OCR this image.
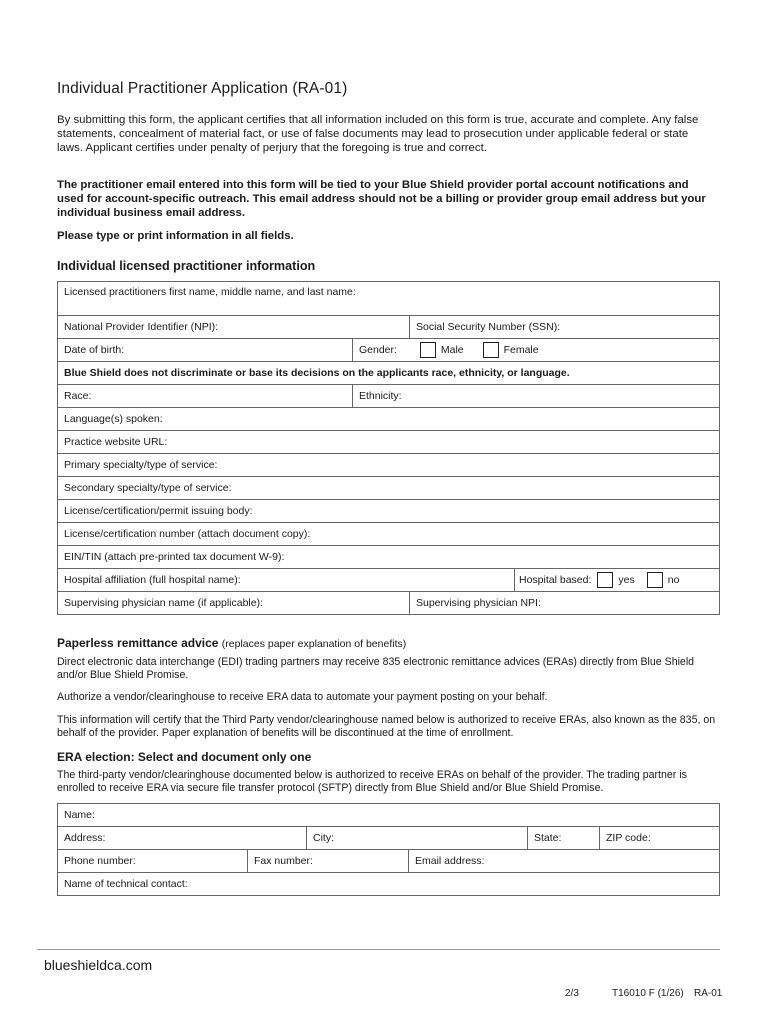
Individual Practitioner Application (RA-01)

By submitting this form, the applicant certifies that all information included on this form is true, accurate and complete. Any false statements, concealment of material fact, or use of false documents may lead to prosecution under applicable federal or state laws. Applicant certifies under penalty of perjury that the foregoing is true and correct.

The practitioner email entered into this form will be tied to your Blue Shield provider portal account notifications and used for account-specific outreach. This email address should not be a billing or provider group email address but your individual business email address.

Please type or print information in all fields.

Individual licensed practitioner information
Licensed practitioners first name, middle name, and last name:			
National Provider Identifier (NPI):		Social Security Number (SSN):	
Date of birth:	Gender: Male Female		
Blue Shield does not discriminate or base its decisions on the applicants race, ethnicity, or language.			
Race:	Ethnicity:		
Language(s) spoken:			
Practice website URL:			
Primary specialty/type of service:			
Secondary specialty/type of service:			
License/certification/permit issuing body:			
License/certification number (attach document copy):			
EIN/TIN (attach pre-printed tax document W-9):			
Hospital affiliation (full hospital name):			Hospital based: yes no
Supervising physician name (if applicable):		Supervising physician NPI:	
Paperless remittance advice (replaces paper explanation of benefits)

Direct electronic data interchange (EDI) trading partners may receive 835 electronic remittance advices (ERAs) directly from Blue Shield and/or Blue Shield Promise.

Authorize a vendor/clearinghouse to receive ERA data to automate your payment posting on your behalf.

This information will certify that the Third Party vendor/clearinghouse named below is authorized to receive ERAs, also known as the 835, on behalf of the provider. Paper explanation of benefits will be discontinued at the time of enrollment.

ERA election: Select and document only one

The third-party vendor/clearinghouse documented below is authorized to receive ERAs on behalf of the provider. The trading partner is enrolled to receive ERA via secure file transfer protocol (SFTP) directly from Blue Shield and/or Blue Shield Promise.

Name:					
Address:		City:		State:	ZIP code:
Phone number:	Fax number:		Email address:		
Name of technical contact:					
blueshieldca.com
2/3	T16010 F (1/26) RA-01
